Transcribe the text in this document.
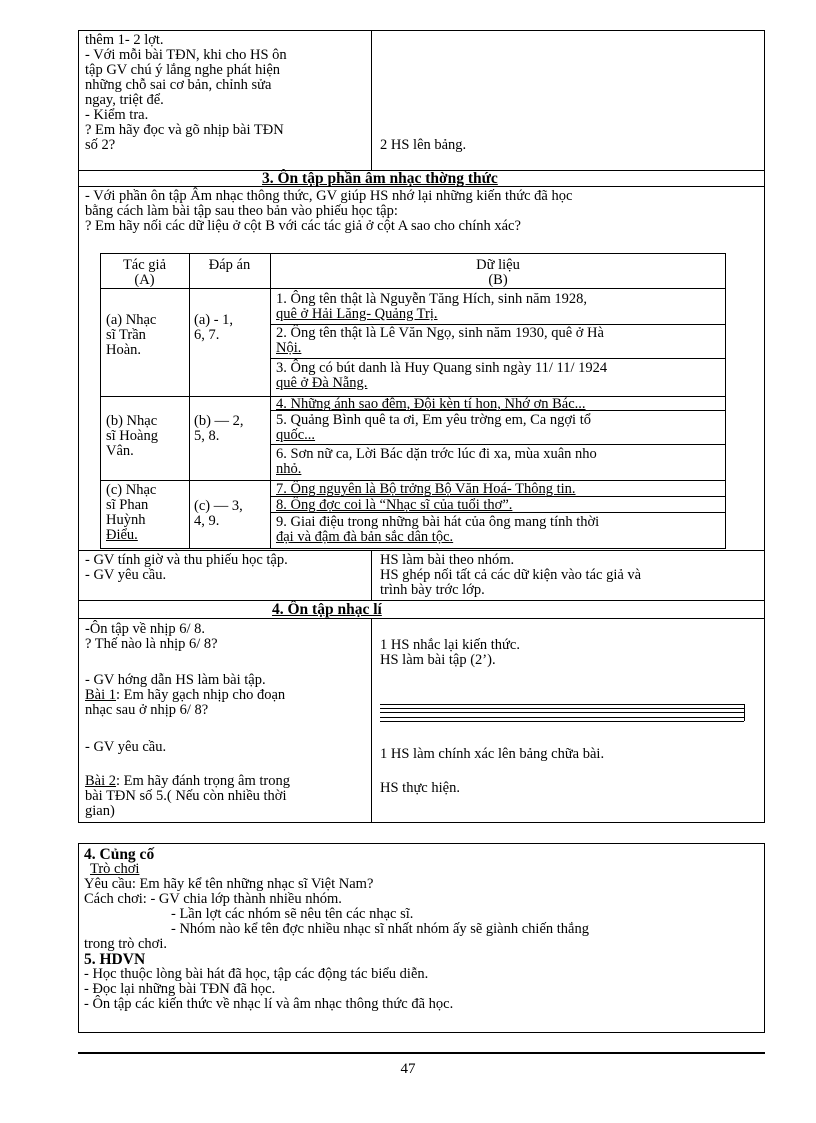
thêm 1- 2 lợt.
- Với mỗi bài TĐN, khi cho HS ôn
tập GV chú ý lắng nghe phát hiện
những chỗ sai cơ bản, chỉnh sửa
ngay, triệt để.
- Kiểm tra.
? Em hãy đọc và gõ nhịp bài TĐN
số 2?	2 HS lên bảng.
3. Ôn tập phần âm nhạc thờng thức
- Với phần ôn tập Âm nhạc thông thức, GV giúp HS nhớ lại những kiến thức đã học
bằng cách làm bài tập sau theo bản vào phiếu học tập:
? Em hãy nối các dữ liệu ở cột B với các tác giả ở cột A sao cho chính xác?
Tác giả
(A)
Đáp án	Dữ liệu
(B)
(a) Nhạc
sĩ Trần
Hoàn.
(a) - 1,
6, 7.
1. Ông tên thật là Nguyễn Tăng Hích, sinh năm 1928,
quê ở Hải Lăng- Quảng Trị.
2. Ông tên thật là Lê Văn Ngọ, sinh năm 1930, quê ở Hà
Nội.
3. Ông có bút danh là Huy Quang sinh ngày 11/ 11/ 1924
quê ở Đà Nẵng.
(b) Nhạc
sĩ Hoàng
Vân.
(b) — 2,
5, 8.
4. Những ánh sao đêm, Đội kèn tí hon, Nhớ ơn Bác...
5. Quảng Bình quê ta ơi, Em yêu trờng em, Ca ngợi tổ
quốc...
6. Sơn nữ ca, Lời Bác dặn trớc lúc đi xa, mùa xuân nho
nhỏ.
(c) Nhạc
sĩ Phan
Huỳnh
Điểu.
(c) — 3,
4, 9.
7. Ông nguyên là Bộ trởng Bộ Văn Hoá- Thông tin.
8. Ông đợc coi là “Nhạc sĩ của tuổi thơ”.
9. Giai điệu trong những bài hát của ông mang tính thời
đại và đậm đà bản sắc dân tộc.
- GV tính giờ và thu phiếu học tập.
- GV yêu cầu.
HS làm bài theo nhóm.
HS ghép nối tất cả các dữ kiện vào tác giả và
trình bày trớc lớp.
4. Ôn tập nhạc lí
-Ôn tập về nhịp 6/ 8.
? Thế nào là nhịp 6/ 8?
- GV hớng dẫn HS làm bài tập.
Bài 1: Em hãy gạch nhịp cho đoạn
nhạc sau ở nhịp 6/ 8?
- GV yêu cầu.
Bài 2: Em hãy đánh trọng âm trong
bài TĐN số 5.( Nếu còn nhiều thời
gian)
1 HS nhắc lại kiến thức.
HS làm bài tập (2’).
1 HS làm chính xác lên bảng chữa bài.
HS thực hiện.
4. Củng cố
Trò chơi
Yêu cầu: Em hãy kể tên những nhạc sĩ Việt Nam?
Cách chơi: - GV chia lớp thành nhiều nhóm.
- Lần lợt các nhóm sẽ nêu tên các nhạc sĩ.
- Nhóm nào kể tên đợc nhiều nhạc sĩ nhất nhóm ấy sẽ giành chiến thắng
trong trò chơi.
5. HDVN
- Học thuộc lòng bài hát đã học, tập các động tác biểu diễn.
- Đọc lại những bài TĐN đã học.
- Ôn tập các kiến thức về nhạc lí và âm nhạc thông thức đã học.
47
